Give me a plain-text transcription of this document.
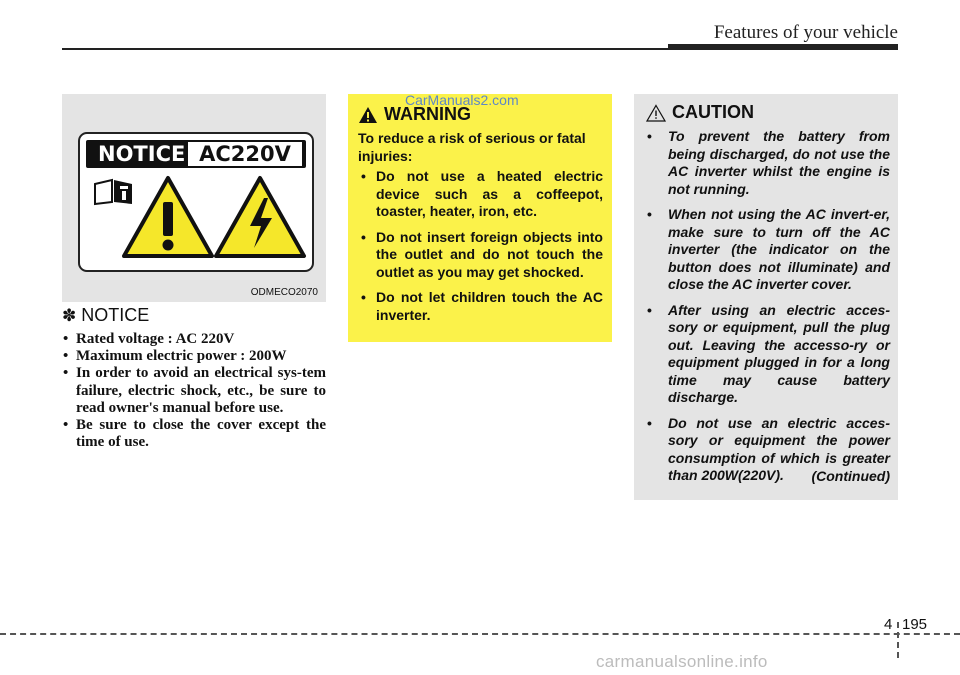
Features of your vehicle
NOTICE AC220V
ODMECO2070
✽ NOTICE
• Rated voltage : AC 220V
• Maximum electric power : 200W
• In order to avoid an electrical sys-tem failure, electric shock, etc., be sure to read owner's manual before use.
• Be sure to close the cover except the time of use.
WARNING

To reduce a risk of serious or fatal injuries:

• Do not use a heated electric device such as a coffeepot, toaster, heater, iron, etc.
• Do not insert foreign objects into the outlet and do not touch the outlet as you may get shocked.
• Do not let children touch the AC inverter.
CarManuals2.com
CAUTION
• To prevent the battery from being discharged, do not use the AC inverter whilst the engine is not running.
• When not using the AC invert-er, make sure to turn off the AC inverter (the indicator on the button does not illuminate) and close the AC inverter cover.
• After using an electric acces-sory or equipment, pull the plug out. Leaving the accesso-ry or equipment plugged in for a long time may cause battery discharge.
• Do not use an electric acces-sory or equipment the power consumption of which is greater than 200W(220V).	(Continued)
4 195
carmanualsonline.info
